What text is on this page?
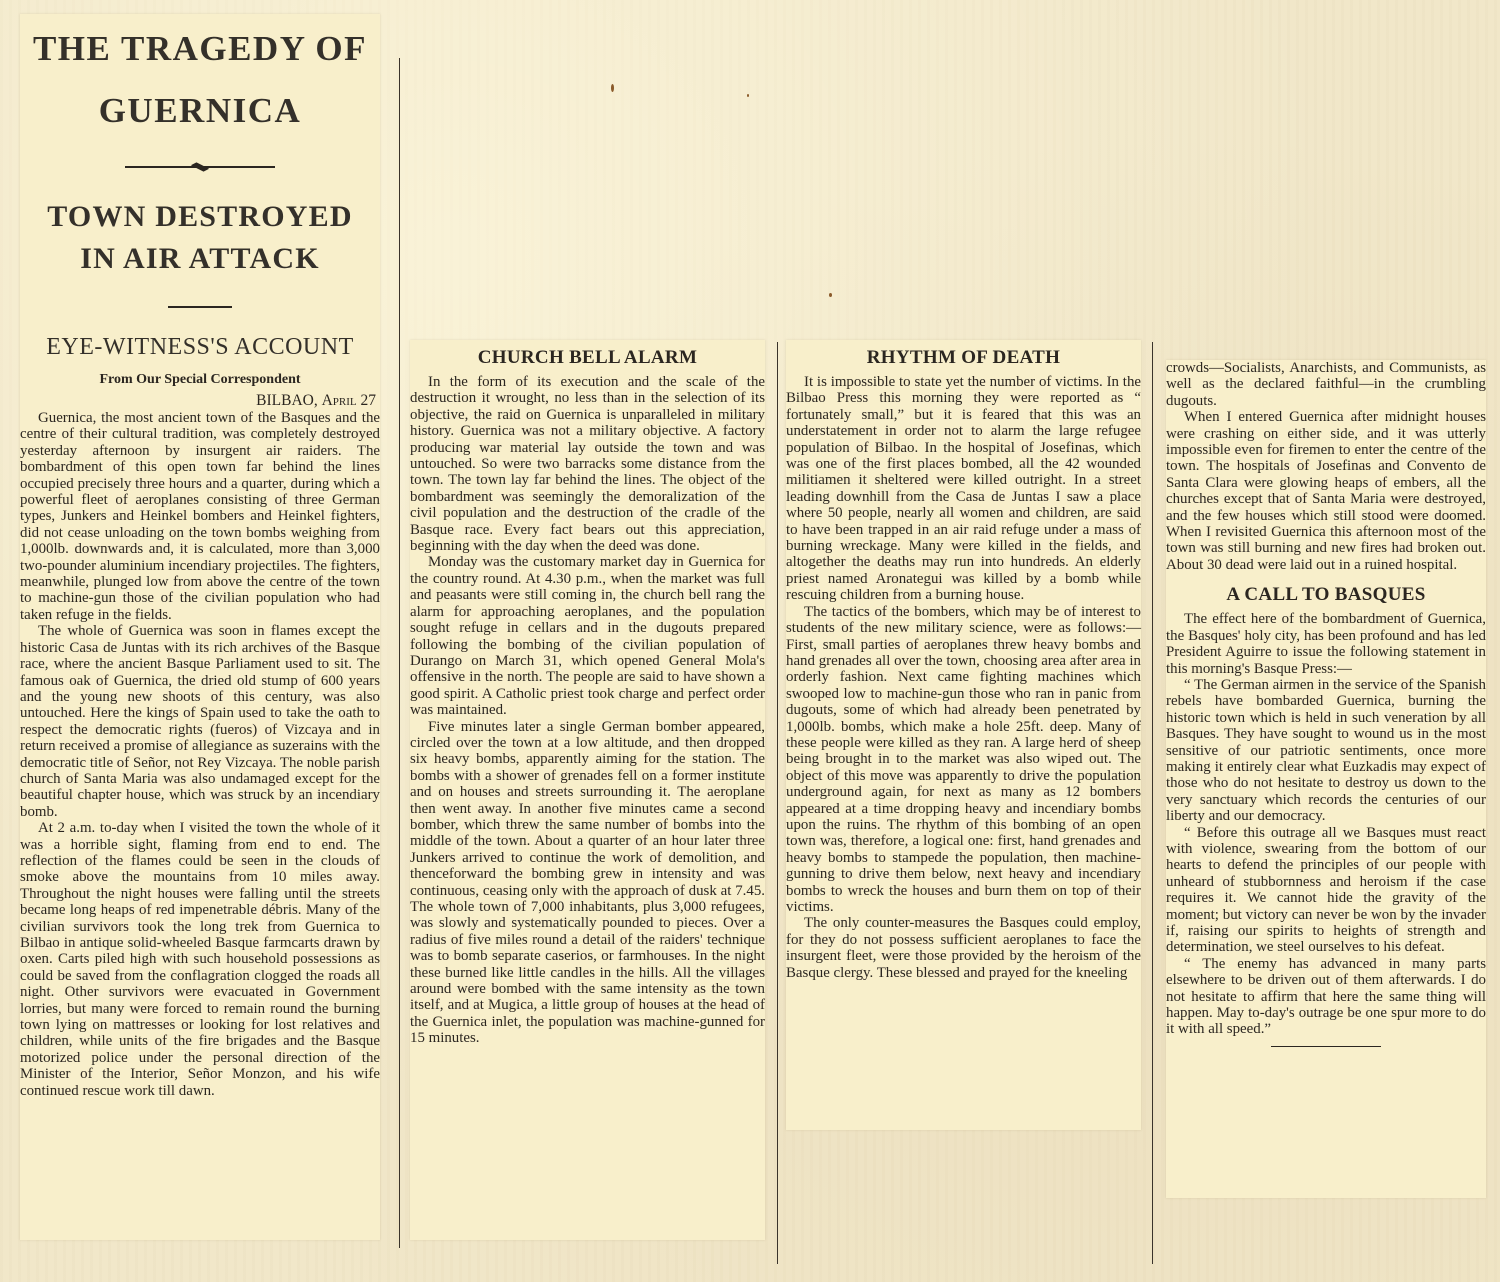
THE TRAGEDY OF
GUERNICA
TOWN DESTROYED
IN AIR ATTACK
EYE-WITNESS'S ACCOUNT
From Our Special Correspondent
BILBAO, April 27

Guernica, the most ancient town of the Basques and the centre of their cultural tradition, was completely destroyed yesterday afternoon by insurgent air raiders. The bombardment of this open town far behind the lines occupied precisely three hours and a quarter, during which a powerful fleet of aeroplanes consisting of three German types, Junkers and Heinkel bombers and Heinkel fighters, did not cease unloading on the town bombs weighing from 1,000lb. downwards and, it is calculated, more than 3,000 two-pounder aluminium incendiary projectiles. The fighters, meanwhile, plunged low from above the centre of the town to machine-gun those of the civilian population who had taken refuge in the fields.

The whole of Guernica was soon in flames except the historic Casa de Juntas with its rich archives of the Basque race, where the ancient Basque Parliament used to sit. The famous oak of Guernica, the dried old stump of 600 years and the young new shoots of this century, was also untouched. Here the kings of Spain used to take the oath to respect the democratic rights (fueros) of Vizcaya and in return received a promise of allegiance as suzerains with the democratic title of Señor, not Rey Vizcaya. The noble parish church of Santa Maria was also undamaged except for the beautiful chapter house, which was struck by an incendiary bomb.

At 2 a.m. to-day when I visited the town the whole of it was a horrible sight, flaming from end to end. The reflection of the flames could be seen in the clouds of smoke above the mountains from 10 miles away. Throughout the night houses were falling until the streets became long heaps of red impenetrable débris. Many of the civilian survivors took the long trek from Guernica to Bilbao in antique solid-wheeled Basque farmcarts drawn by oxen. Carts piled high with such household possessions as could be saved from the conflagration clogged the roads all night. Other survivors were evacuated in Government lorries, but many were forced to remain round the burning town lying on mattresses or looking for lost relatives and children, while units of the fire brigades and the Basque motorized police under the personal direction of the Minister of the Interior, Señor Monzon, and his wife continued rescue work till dawn.

CHURCH BELL ALARM

In the form of its execution and the scale of the destruction it wrought, no less than in the selection of its objective, the raid on Guernica is unparalleled in military history. Guernica was not a military objective. A factory producing war material lay outside the town and was untouched. So were two barracks some distance from the town. The town lay far behind the lines. The object of the bombardment was seemingly the demoralization of the civil population and the destruction of the cradle of the Basque race. Every fact bears out this appreciation, beginning with the day when the deed was done.

Monday was the customary market day in Guernica for the country round. At 4.30 p.m., when the market was full and peasants were still coming in, the church bell rang the alarm for approaching aeroplanes, and the population sought refuge in cellars and in the dugouts prepared following the bombing of the civilian population of Durango on March 31, which opened General Mola's offensive in the north. The people are said to have shown a good spirit. A Catholic priest took charge and perfect order was maintained.

Five minutes later a single German bomber appeared, circled over the town at a low altitude, and then dropped six heavy bombs, apparently aiming for the station. The bombs with a shower of grenades fell on a former institute and on houses and streets surrounding it. The aeroplane then went away. In another five minutes came a second bomber, which threw the same number of bombs into the middle of the town. About a quarter of an hour later three Junkers arrived to continue the work of demolition, and thenceforward the bombing grew in intensity and was continuous, ceasing only with the approach of dusk at 7.45. The whole town of 7,000 inhabitants, plus 3,000 refugees, was slowly and systematically pounded to pieces. Over a radius of five miles round a detail of the raiders' technique was to bomb separate caserios, or farmhouses. In the night these burned like little candles in the hills. All the villages around were bombed with the same intensity as the town itself, and at Mugica, a little group of houses at the head of the Guernica inlet, the population was machine-gunned for 15 minutes.

RHYTHM OF DEATH

It is impossible to state yet the number of victims. In the Bilbao Press this morning they were reported as “ fortunately small,” but it is feared that this was an understatement in order not to alarm the large refugee population of Bilbao. In the hospital of Josefinas, which was one of the first places bombed, all the 42 wounded militiamen it sheltered were killed outright. In a street leading downhill from the Casa de Juntas I saw a place where 50 people, nearly all women and children, are said to have been trapped in an air raid refuge under a mass of burning wreckage. Many were killed in the fields, and altogether the deaths may run into hundreds. An elderly priest named Aronategui was killed by a bomb while rescuing children from a burning house.

The tactics of the bombers, which may be of interest to students of the new military science, were as follows:—First, small parties of aeroplanes threw heavy bombs and hand grenades all over the town, choosing area after area in orderly fashion. Next came fighting machines which swooped low to machine-gun those who ran in panic from dugouts, some of which had already been penetrated by 1,000lb. bombs, which make a hole 25ft. deep. Many of these people were killed as they ran. A large herd of sheep being brought in to the market was also wiped out. The object of this move was apparently to drive the population underground again, for next as many as 12 bombers appeared at a time dropping heavy and incendiary bombs upon the ruins. The rhythm of this bombing of an open town was, therefore, a logical one: first, hand grenades and heavy bombs to stampede the population, then machine-gunning to drive them below, next heavy and incendiary bombs to wreck the houses and burn them on top of their victims.

The only counter-measures the Basques could employ, for they do not possess sufficient aeroplanes to face the insurgent fleet, were those provided by the heroism of the Basque clergy. These blessed and prayed for the kneeling

crowds—Socialists, Anarchists, and Communists, as well as the declared faithful—in the crumbling dugouts.

When I entered Guernica after midnight houses were crashing on either side, and it was utterly impossible even for firemen to enter the centre of the town. The hospitals of Josefinas and Convento de Santa Clara were glowing heaps of embers, all the churches except that of Santa Maria were destroyed, and the few houses which still stood were doomed. When I revisited Guernica this afternoon most of the town was still burning and new fires had broken out. About 30 dead were laid out in a ruined hospital.

A CALL TO BASQUES

The effect here of the bombardment of Guernica, the Basques' holy city, has been profound and has led President Aguirre to issue the following statement in this morning's Basque Press:—

“ The German airmen in the service of the Spanish rebels have bombarded Guernica, burning the historic town which is held in such veneration by all Basques. They have sought to wound us in the most sensitive of our patriotic sentiments, once more making it entirely clear what Euzkadis may expect of those who do not hesitate to destroy us down to the very sanctuary which records the centuries of our liberty and our democracy.

“ Before this outrage all we Basques must react with violence, swearing from the bottom of our hearts to defend the principles of our people with unheard of stubbornness and heroism if the case requires it. We cannot hide the gravity of the moment; but victory can never be won by the invader if, raising our spirits to heights of strength and determination, we steel ourselves to his defeat.

“ The enemy has advanced in many parts elsewhere to be driven out of them afterwards. I do not hesitate to affirm that here the same thing will happen. May to-day's outrage be one spur more to do it with all speed.”
